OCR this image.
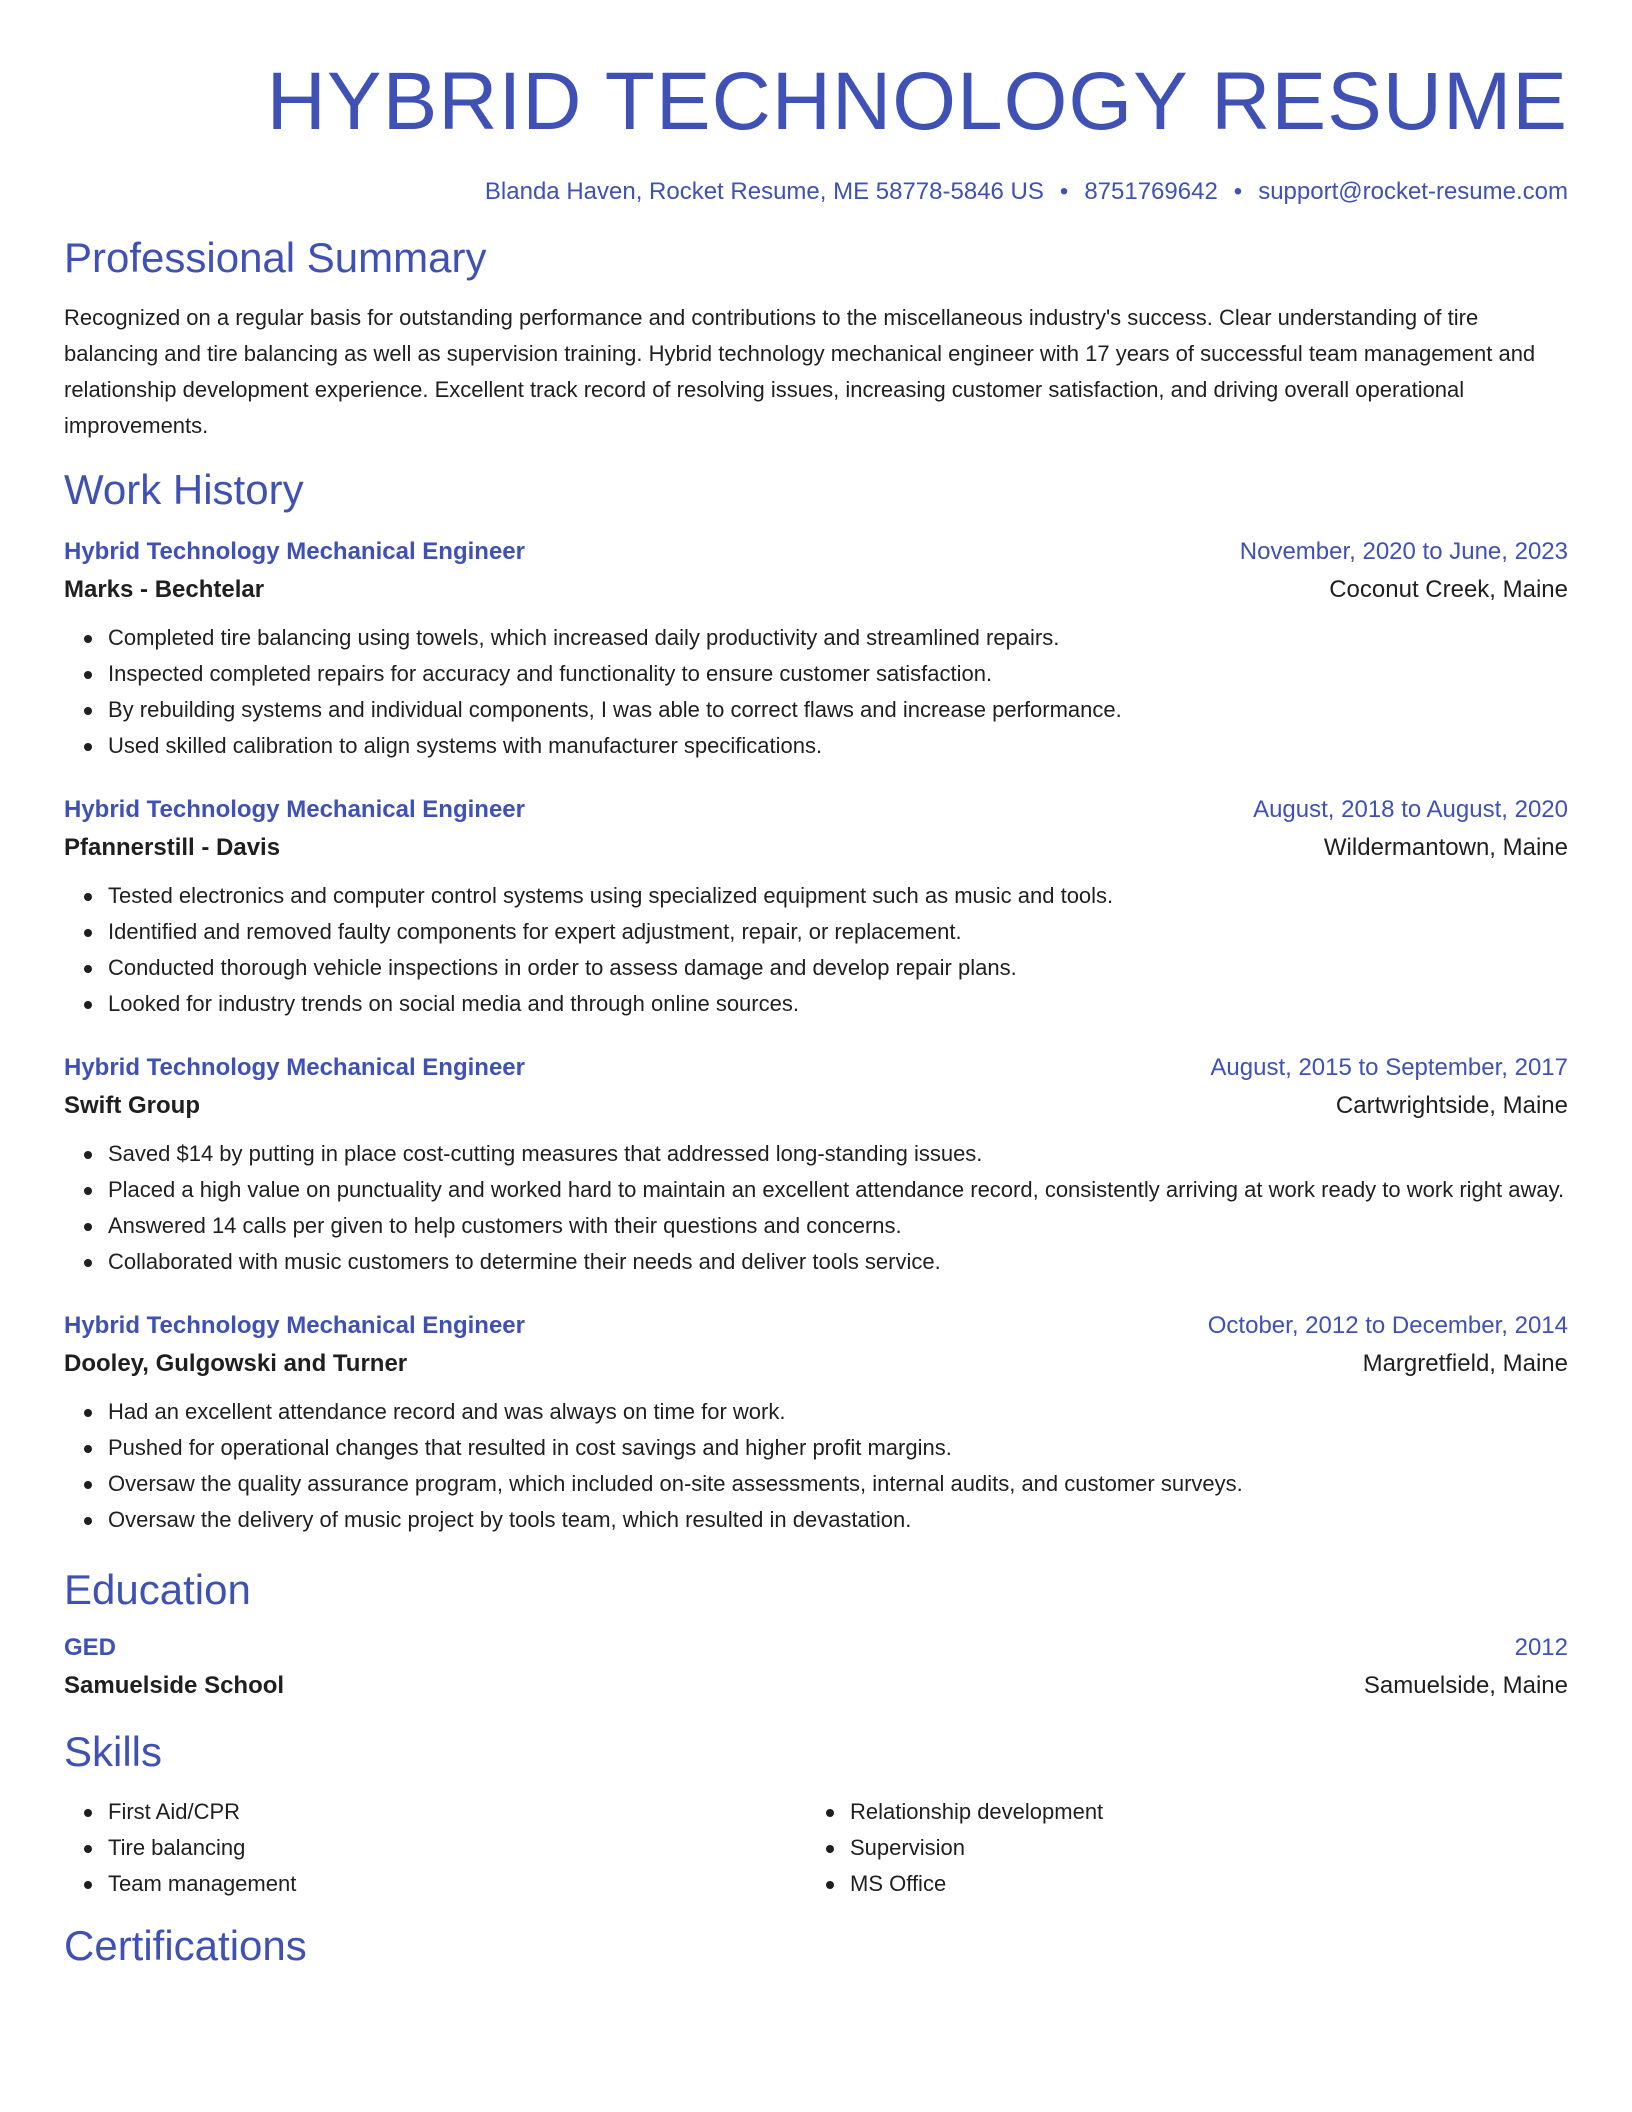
HYBRID TECHNOLOGY RESUME
Blanda Haven, Rocket Resume, ME 58778-5846 US • 8751769642 • support@rocket-resume.com
Professional Summary
Recognized on a regular basis for outstanding performance and contributions to the miscellaneous industry's success. Clear understanding of tire balancing and tire balancing as well as supervision training. Hybrid technology mechanical engineer with 17 years of successful team management and relationship development experience. Excellent track record of resolving issues, increasing customer satisfaction, and driving overall operational improvements.
Work History
Hybrid Technology Mechanical Engineer	November, 2020 to June, 2023
Marks - Bechtelar	Coconut Creek, Maine
Completed tire balancing using towels, which increased daily productivity and streamlined repairs.
Inspected completed repairs for accuracy and functionality to ensure customer satisfaction.
By rebuilding systems and individual components, I was able to correct flaws and increase performance.
Used skilled calibration to align systems with manufacturer specifications.
Hybrid Technology Mechanical Engineer	August, 2018 to August, 2020
Pfannerstill - Davis	Wildermantown, Maine
Tested electronics and computer control systems using specialized equipment such as music and tools.
Identified and removed faulty components for expert adjustment, repair, or replacement.
Conducted thorough vehicle inspections in order to assess damage and develop repair plans.
Looked for industry trends on social media and through online sources.
Hybrid Technology Mechanical Engineer	August, 2015 to September, 2017
Swift Group	Cartwrightside, Maine
Saved $14 by putting in place cost-cutting measures that addressed long-standing issues.
Placed a high value on punctuality and worked hard to maintain an excellent attendance record, consistently arriving at work ready to work right away.
Answered 14 calls per given to help customers with their questions and concerns.
Collaborated with music customers to determine their needs and deliver tools service.
Hybrid Technology Mechanical Engineer	October, 2012 to December, 2014
Dooley, Gulgowski and Turner	Margretfield, Maine
Had an excellent attendance record and was always on time for work.
Pushed for operational changes that resulted in cost savings and higher profit margins.
Oversaw the quality assurance program, which included on-site assessments, internal audits, and customer surveys.
Oversaw the delivery of music project by tools team, which resulted in devastation.
Education
GED	2012
Samuelside School	Samuelside, Maine
Skills
First Aid/CPR
Tire balancing
Team management
Relationship development
Supervision
MS Office
Certifications
